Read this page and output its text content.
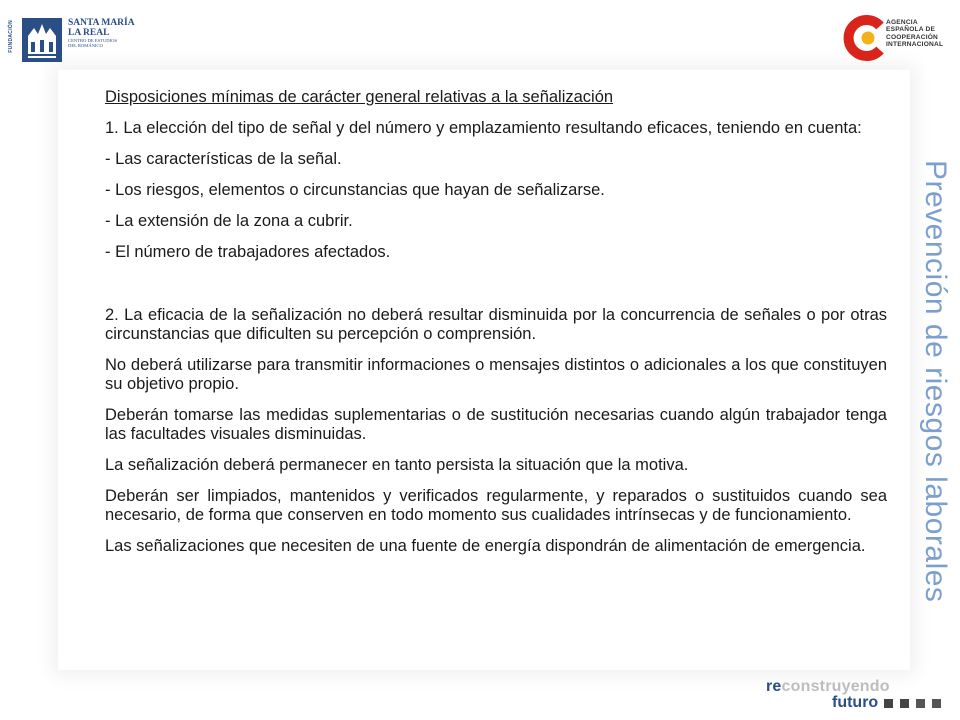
FUNDACIÓN	SANTA MARÍA
LA REAL
CENTRO DE ESTUDIOS DEL ROMÁNICO
AGENCIA
ESPAÑOLA DE
COOPERACIÓN
INTERNACIONAL

Disposiciones mínimas de carácter general relativas a la señalización

1. La elección del tipo de señal y del número y emplazamiento resultando eficaces, teniendo en cuenta:

- Las características de la señal.

- Los riesgos, elementos o circunstancias que hayan de señalizarse.

- La extensión de la zona a cubrir.

- El número de trabajadores afectados.

2. La eficacia de la señalización no deberá resultar disminuida por la concurrencia de señales o por otras circunstancias que dificulten su percepción o comprensión.

No deberá utilizarse para transmitir informaciones o mensajes distintos o adicionales a los que constituyen su objetivo propio.

Deberán tomarse las medidas suplementarias o de sustitución necesarias cuando algún trabajador tenga las facultades visuales disminuidas.

La señalización deberá permanecer en tanto persista la situación que la motiva.

Deberán ser limpiados, mantenidos y verificados regularmente, y reparados o sustituidos cuando sea necesario, de forma que conserven en todo momento sus cualidades intrínsecas y de funcionamiento.

Las señalizaciones que necesiten de una fuente de energía dispondrán de alimentación de emergencia.	Prevención de riesgos laborales
reconstruyendo
futuro
